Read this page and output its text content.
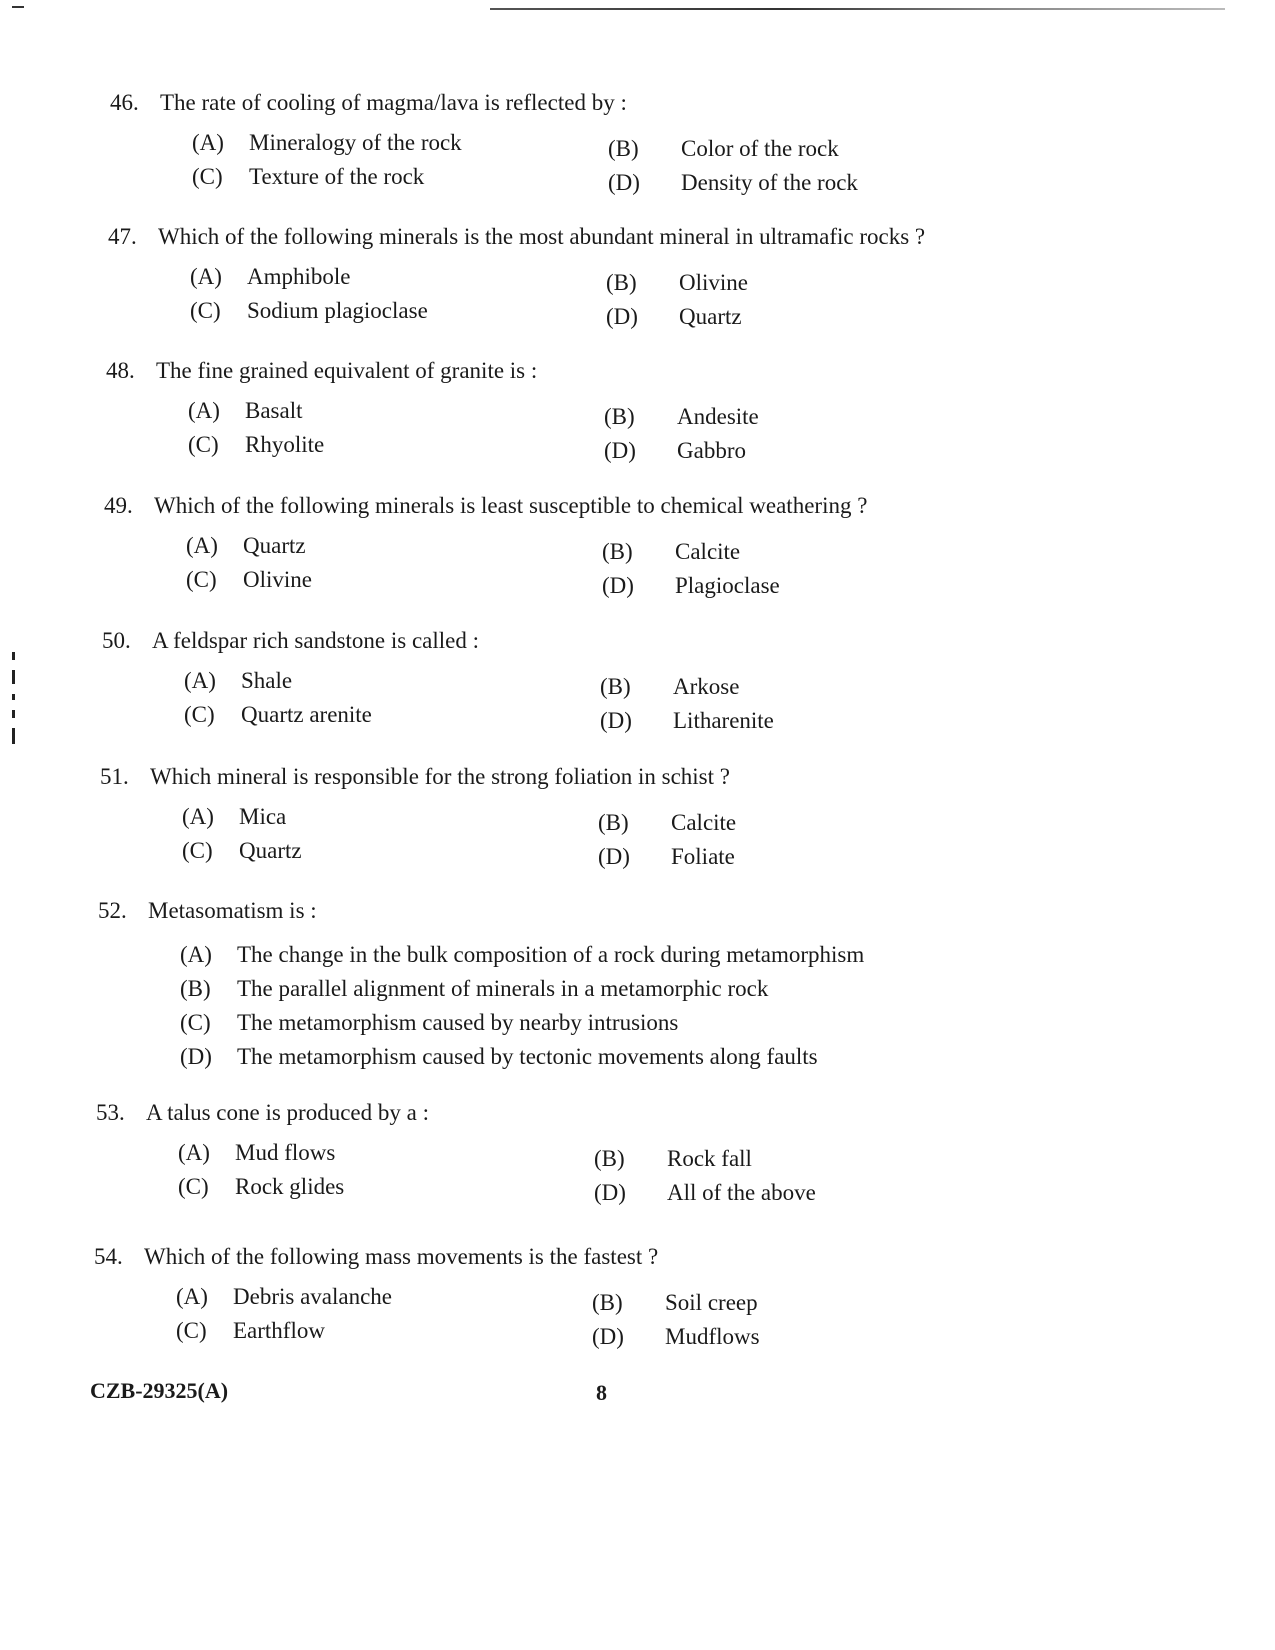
46. The rate of cooling of magma/lava is reflected by :
(A)	Mineralogy of the rock	(B)	Color of the rock
(C)	Texture of the rock	(D)	Density of the rock
47. Which of the following minerals is the most abundant mineral in ultramafic rocks ?
(A)	Amphibole	(B)	Olivine
(C)	Sodium plagioclase	(D)	Quartz
48. The fine grained equivalent of granite is :
(A)	Basalt	(B)	Andesite
(C)	Rhyolite	(D)	Gabbro
49. Which of the following minerals is least susceptible to chemical weathering ?
(A)	Quartz	(B)	Calcite
(C)	Olivine	(D)	Plagioclase
50. A feldspar rich sandstone is called :
(A)	Shale	(B)	Arkose
(C)	Quartz arenite	(D)	Litharenite
51. Which mineral is responsible for the strong foliation in schist ?
(A)	Mica	(B)	Calcite
(C)	Quartz	(D)	Foliate
52. Metasomatism is :
(A)	The change in the bulk composition of a rock during metamorphism
(B)	The parallel alignment of minerals in a metamorphic rock
(C)	The metamorphism caused by nearby intrusions
(D)	The metamorphism caused by tectonic movements along faults
53. A talus cone is produced by a :
(A)	Mud flows	(B)	Rock fall
(C)	Rock glides	(D)	All of the above
54. Which of the following mass movements is the fastest ?
(A)	Debris avalanche	(B)	Soil creep
(C)	Earthflow	(D)	Mudflows
CZB-29325(A)	8
